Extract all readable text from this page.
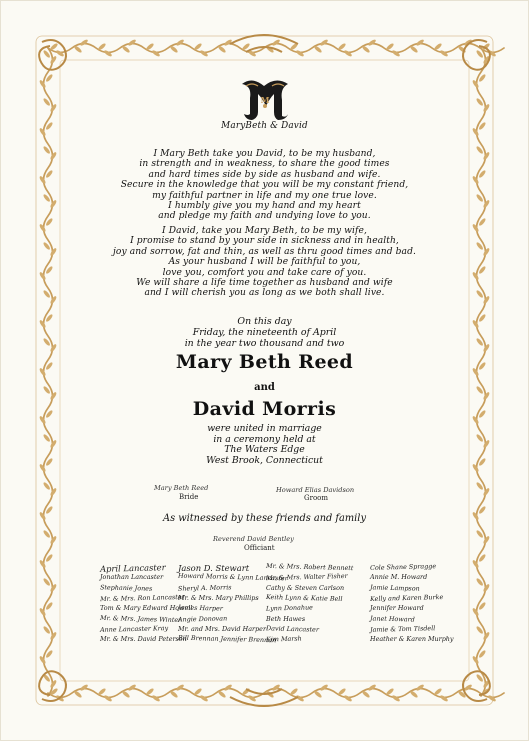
M
MaryBeth & David
I Mary Beth take you David, to be my husband,
in strength and in weakness, to share the good times
and hard times side by side as husband and wife.
Secure in the knowledge that you will be my constant friend,
my faithful partner in life and my one true love.
I humbly give you my hand and my heart
and pledge my faith and undying love to you.
I David, take you Mary Beth, to be my wife,
I promise to stand by your side in sickness and in health,
joy and sorrow, fat and thin, as well as thru good times and bad.
As your husband I will be faithful to you,
love you, comfort you and take care of you.
We will share a life time together as husband and wife
and I will cherish you as long as we both shall live.
On this day
Friday, the nineteenth of April
in the year two thousand and two
Mary Beth Reed
and
David Morris
were united in marriage
in a ceremony held at
The Waters Edge
West Brook, Connecticut
Mary Beth Reed
Bride
Howard Elias Davidson
Groom
As witnessed by these friends and family
Reverend David Bentley
Officiant
April Lancaster
Jonathan Lancaster
Stephanie Jones
Mr. & Mrs. Ron Lancaster
Tom & Mary Edward Howell
Mr. & Mrs. James Winter
Anne Lancaster Kray
Mr. & Mrs. David Peterson
Jason D. Stewart
Howard Morris & Lynn Lancaster
Sheryl A. Morris
Mr. & Mrs. Mary Phillips
James Harper
Angie Donovan
Mr. and Mrs. David Harper
Bill Brennan Jennifer Brennan
Mr. & Mrs. Robert Bennett
Mr. & Mrs. Walter Fisher
Cathy & Steven Carlson
Keith Lynn & Katie Bell
Lynn Donahue
Beth Hawes
David Lancaster
Kim Marsh
Cole Shane Spragge
Annie M. Howard
Jamie Lampson
Kelly and Karen Burke
Jennifer Howard
Janet Howard
Jamie & Tom Tisdell
Heather & Karen Murphy
